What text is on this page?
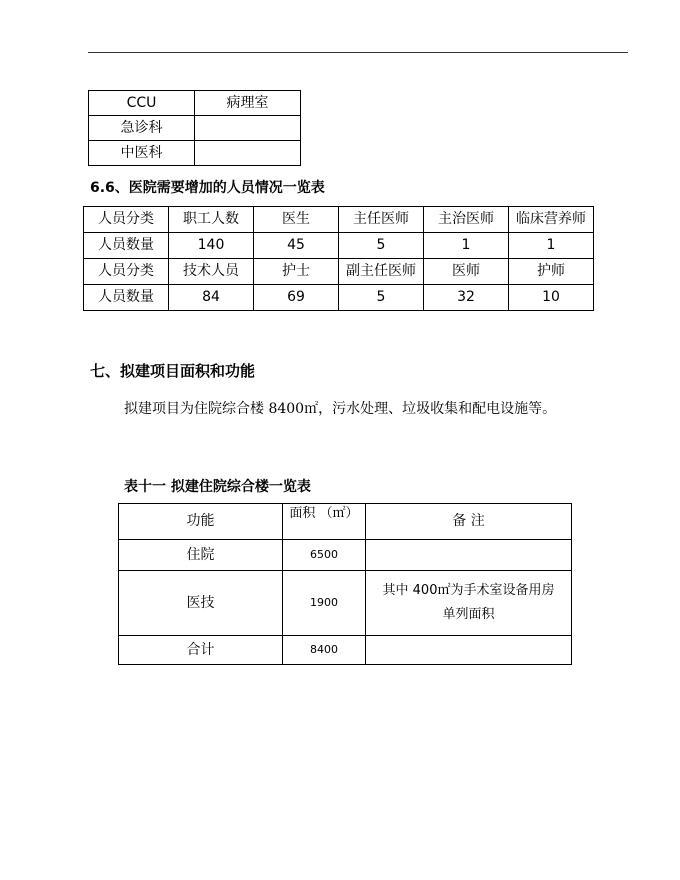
CCU	病理室
急诊科	
中医科	
6.6、医院需要增加的人员情况一览表
人员分类	职工人数	医生	主任医师	主治医师	临床营养师
人员数量	140	45	5	1	1
人员分类	技术人员	护士	副主任医师	医师	护师
人员数量	84	69	5	32	10
七、拟建项目面积和功能
拟建项目为住院综合楼 8400㎡，污水处理、垃圾收集和配电设施等。
表十一 拟建住院综合楼一览表
功能	面积 （㎡）	备 注
住院	6500	
医技	1900	其中 400㎡为手术室设备用房
单列面积

合计	8400	
